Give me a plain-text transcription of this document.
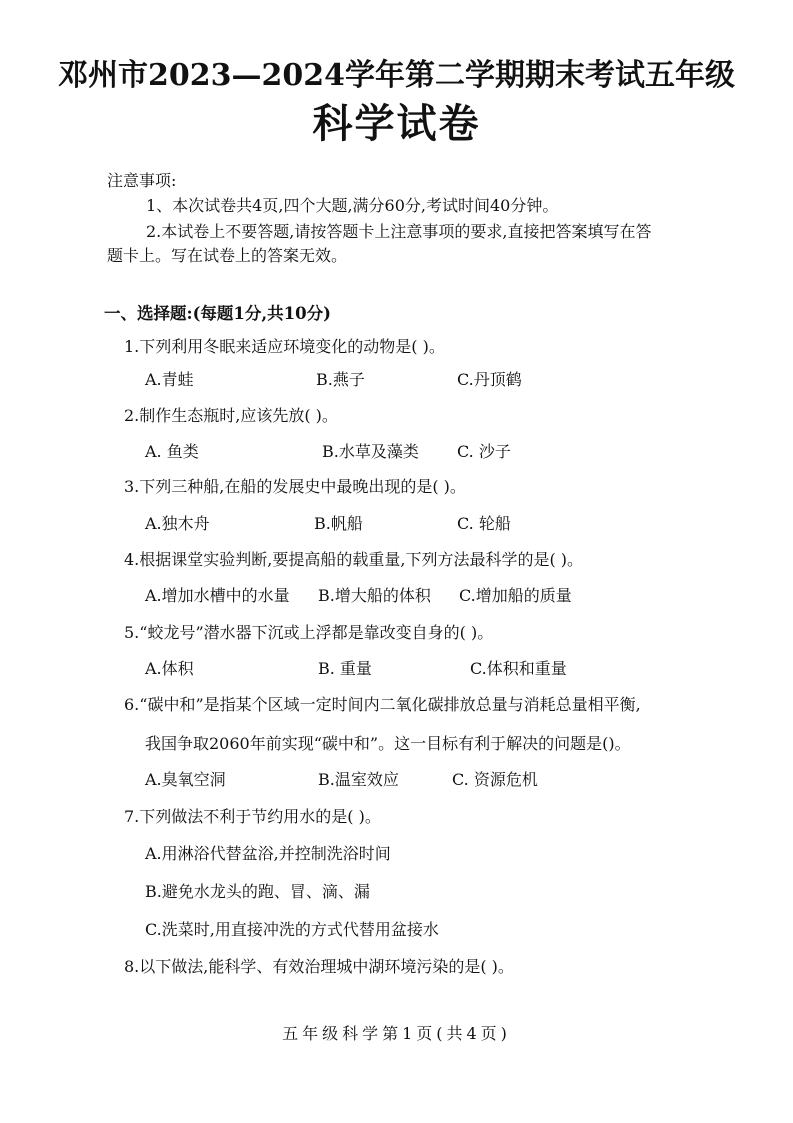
邓州市2023—2024学年第二学期期末考试五年级
科学试卷
注意事项:
1、本次试卷共4页,四个大题,满分60分,考试时间40分钟。
2.本试卷上不要答题,请按答题卡上注意事项的要求,直接把答案填写在答
题卡上。写在试卷上的答案无效。
一、选择题:(每题1分,共10分)
1.下列利用冬眠来适应环境变化的动物是( )。
A.青蛙	B.燕子	C.丹顶鹤
2.制作生态瓶时,应该先放( )。
A. 鱼类	B.水草及藻类 C. 沙子
3.下列三种船,在船的发展史中最晚出现的是( )。
A.独木舟	B.帆船	C. 轮船
4.根据课堂实验判断,要提高船的载重量,下列方法最科学的是( )。
A.增加水槽中的水量 B.增大船的体积 C.增加船的质量
5.“蛟龙号”潜水器下沉或上浮都是靠改变自身的( )。
A.体积	B. 重量	C.体积和重量
6.“碳中和”是指某个区域一定时间内二氧化碳排放总量与消耗总量相平衡,
我国争取2060年前实现“碳中和”。这一目标有利于解决的问题是()。
A.臭氧空洞	B.温室效应	C. 资源危机
7.下列做法不利于节约用水的是( )。
A.用淋浴代替盆浴,并控制洗浴时间
B.避免水龙头的跑、冒、滴、漏
C.洗菜时,用直接冲洗的方式代替用盆接水
8.以下做法,能科学、有效治理城中湖环境污染的是( )。
五年级科学第1页(共4页)
